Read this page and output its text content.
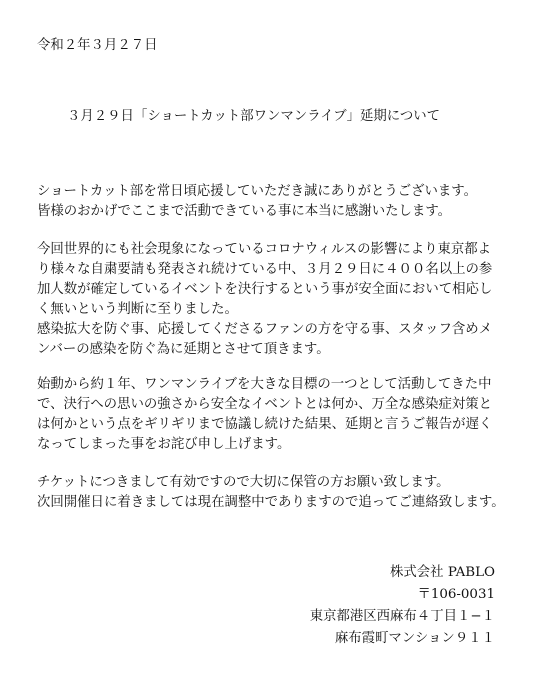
令和２年３月２７日
３月２９日「ショートカット部ワンマンライブ」延期について
ショートカット部を常日頃応援していただき誠にありがとうございます。
皆様のおかげでここまで活動できている事に本当に感謝いたします。
今回世界的にも社会現象になっているコロナウィルスの影響により東京都よ
り様々な自粛要請も発表され続けている中、３月２９日に４００名以上の参
加人数が確定しているイベントを決行するという事が安全面において相応し
く無いという判断に至りました。
感染拡大を防ぐ事、応援してくださるファンの方を守る事、スタッフ含めメ
ンバーの感染を防ぐ為に延期とさせて頂きます。
始動から約１年、ワンマンライブを大きな目標の一つとして活動してきた中
で、決行への思いの強さから安全なイベントとは何か、万全な感染症対策と
は何かという点をギリギリまで協議し続けた結果、延期と言うご報告が遅く
なってしまった事をお詫び申し上げます。
チケットにつきまして有効ですので大切に保管の方お願い致します。
次回開催日に着きましては現在調整中でありますので追ってご連絡致します。
株式会社 PABLO
〒106-0031
東京都港区西麻布４丁目１−１
麻布霞町マンション９１１
